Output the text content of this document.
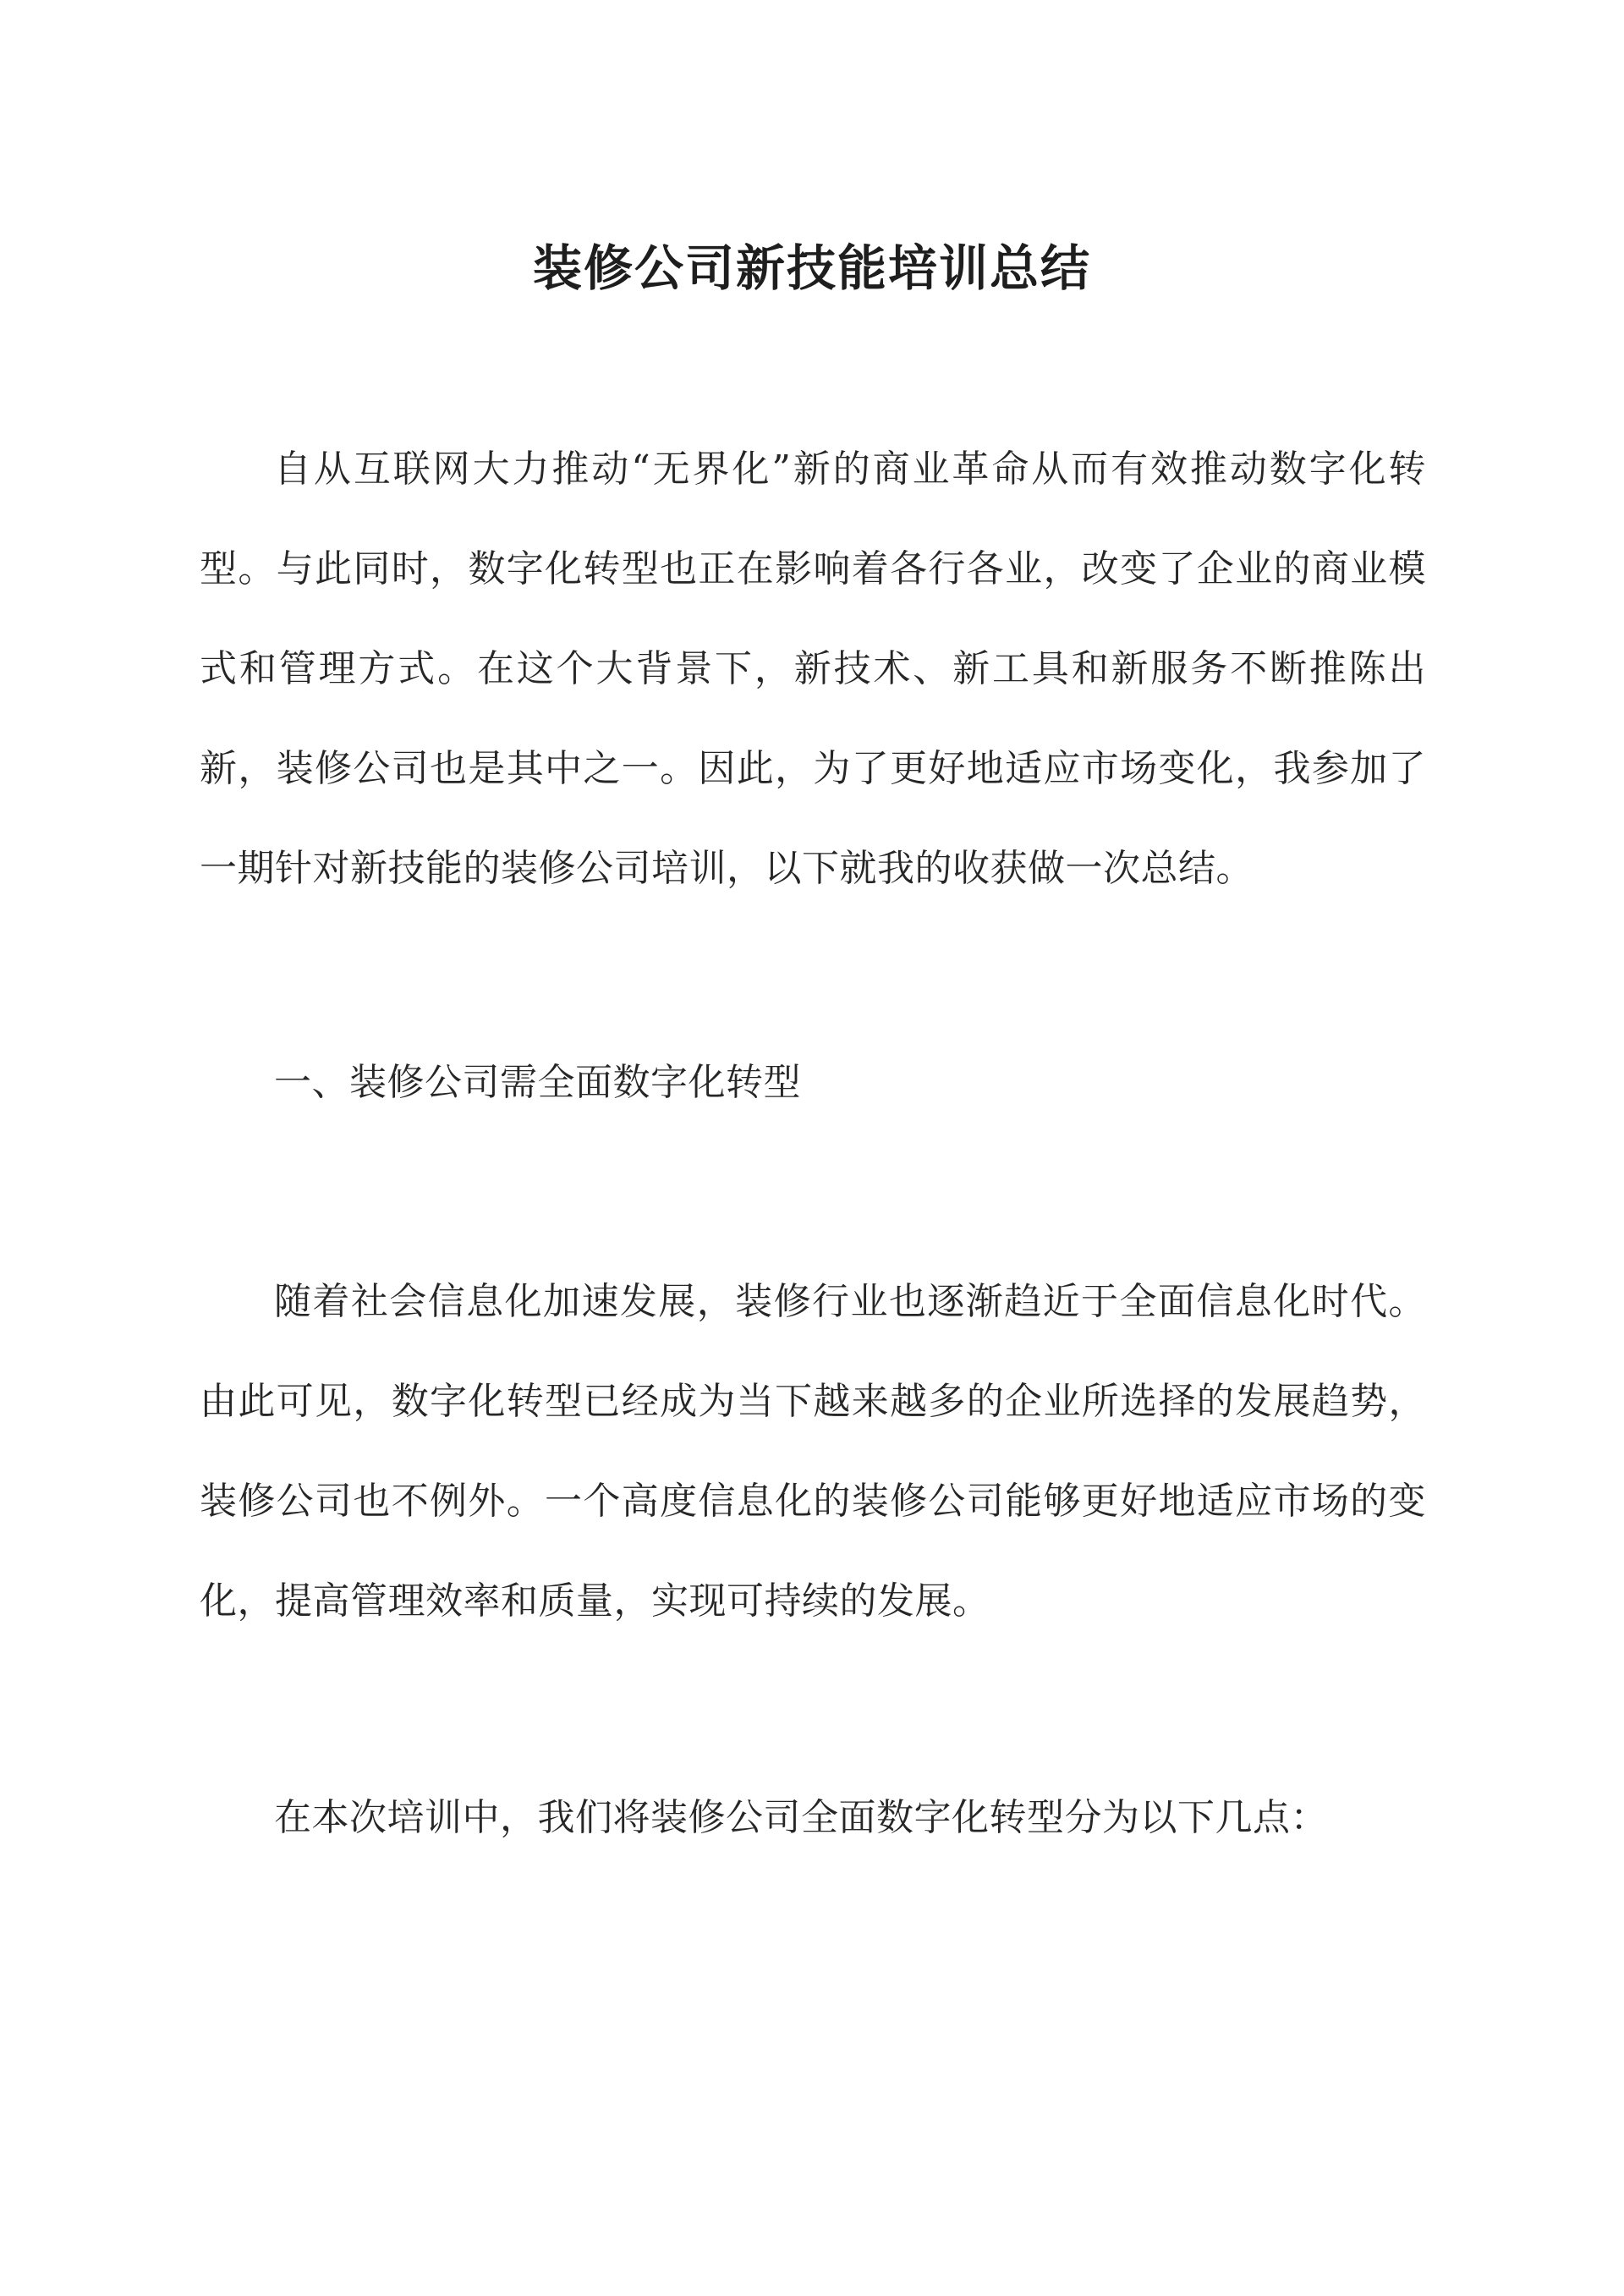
装修公司新技能培训总结

自从互联网大力推动“无界化”新的商业革命从而有效推动数字化转型。与此同时，数字化转型也正在影响着各行各业，改变了企业的商业模式和管理方式。在这个大背景下，新技术、新工具和新服务不断推陈出新，装修公司也是其中之一。因此，为了更好地适应市场变化，我参加了一期针对新技能的装修公司培训，以下就我的收获做一次总结。

一、装修公司需全面数字化转型

随着社会信息化加速发展，装修行业也逐渐趋近于全面信息化时代。由此可见，数字化转型已经成为当下越来越多的企业所选择的发展趋势，装修公司也不例外。一个高度信息化的装修公司能够更好地适应市场的变化，提高管理效率和质量，实现可持续的发展。

在本次培训中，我们将装修公司全面数字化转型分为以下几点：
